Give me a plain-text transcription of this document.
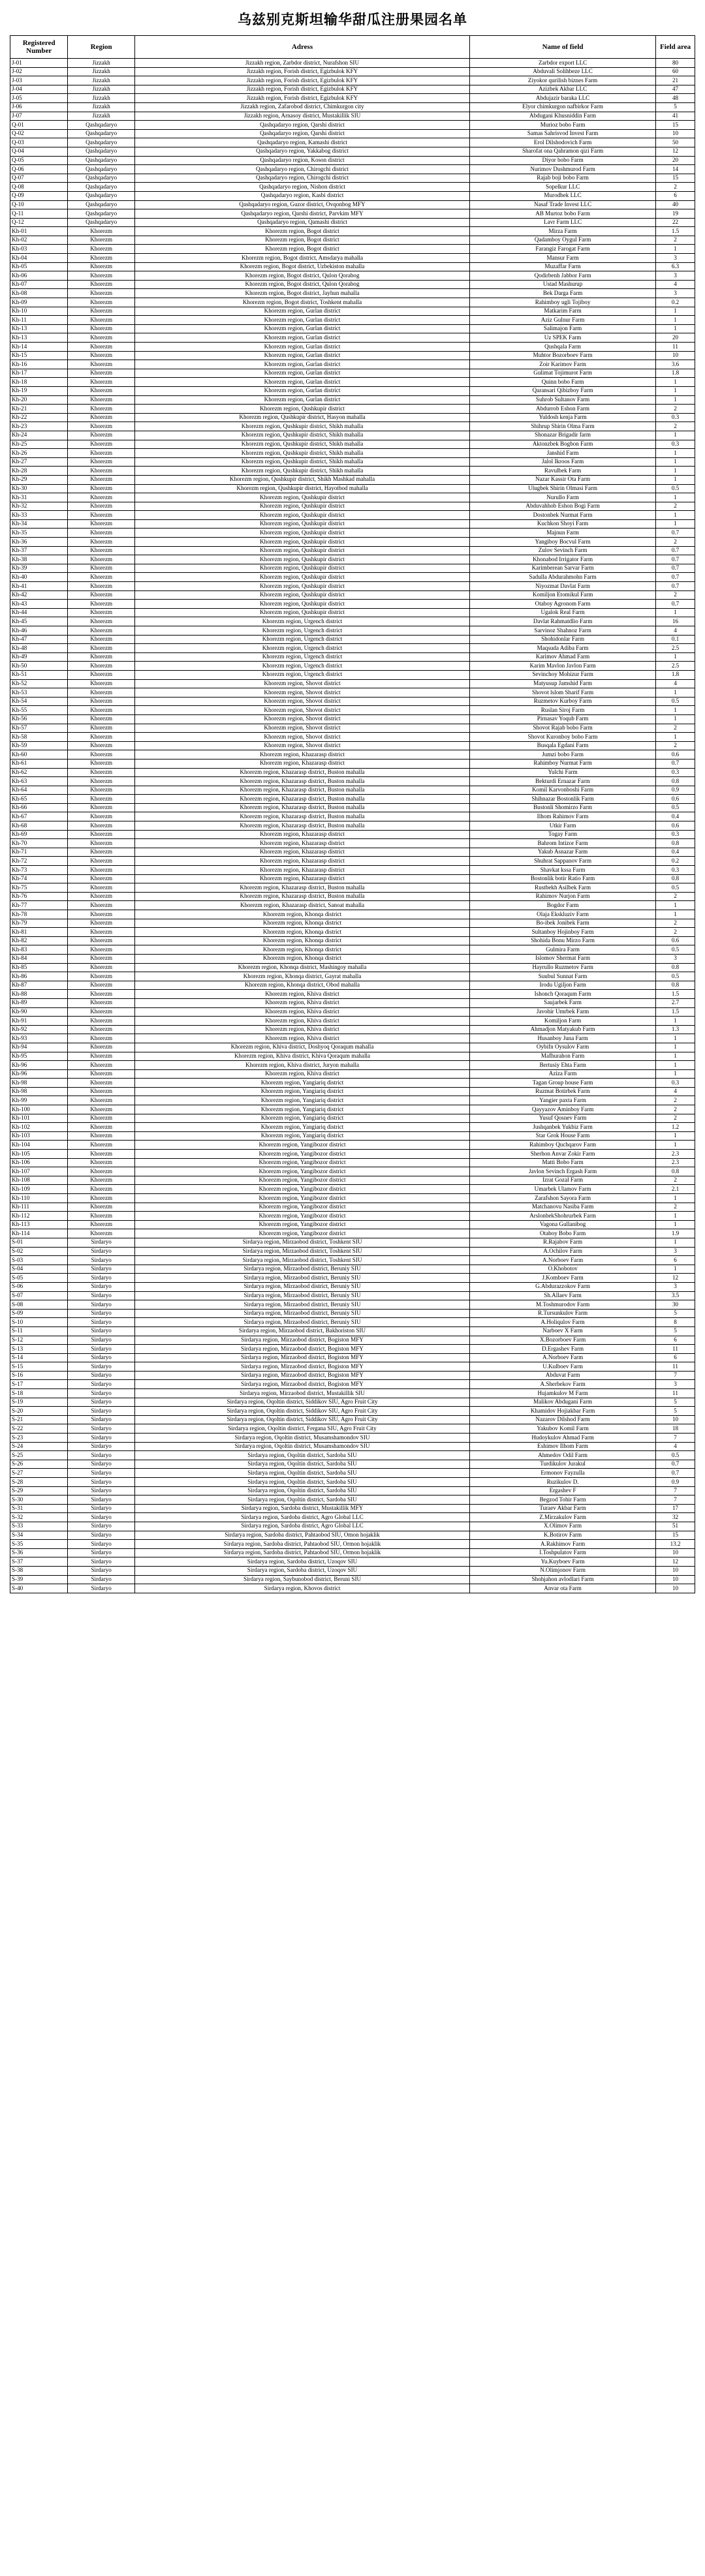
乌兹别克斯坦输华甜瓜注册果园名单
Registered Number	Region	Adress	Name of field	Field area
J-01	Jizzakh	Jizzakh region, Zarbdor district, Nurafshon SIU	Zarbdor export LLC	80
J-02	Jizzakh	Jizzakh region, Forish district, Egizbulok KFY	Abduvali Solihbeze LLC	60
J-03	Jizzakh	Jizzakh region, Forish district, Egizbulok KFY	Ziyokor qurilish biznes Farm	21
J-04	Jizzakh	Jizzakh region, Forish district, Egizbulok KFY	Azizbek Akbar LLC	47
J-05	Jizzakh	Jizzakh region, Forish district, Egizbulok KFY	Abdujazir barakа LLC	48
J-06	Jizzakh	Jizzakh region, Zafarobod district, Chimkurgon city	Elyor chimkurgon nafbirkor Farm	5
J-07	Jizzakh	Jizzakh region, Arnasoy district, Mustakillik SIU	Abdugani Khusniddin Farm	41
Q-01	Qashqadaryo	Qashqadaryo region, Qarshi district	Murioz bobo Farm	15
Q-02	Qashqadaryo	Qashqadaryo region, Qarshi district	Samas Sahrisvod Invest Farm	10
Q-03	Qashqadaryo	Qashqadaryo region, Kamashi district	Erol Dilshodovich Farm	50
Q-04	Qashqadaryo	Qashqadaryo region, Yakkabog district	Sharofat ona Qahramon qizi Farm	12
Q-05	Qashqadaryo	Qashqadaryo region, Koson district	Diyor bobo Farm	20
Q-06	Qashqadaryo	Qashqadaryo region, Chirogchi district	Nurimov Dushmurod Farm	14
Q-07	Qashqadaryo	Qashqadaryo region, Chirogchi district	Rajab boji bobo Farm	15
Q-08	Qashqadaryo	Qashqadaryo region, Nishon district	Sopelkur LLC	2
Q-09	Qashqadaryo	Qashqadaryo region, Kasbi district	Murodbek LLC	6
Q-10	Qashqadaryo	Qashqadaryo region, Guzor district, Ovqonbog MFY	Nasaf Trade Invest LLC	40
Q-11	Qashqadaryo	Qashqadaryo region, Qarshi district, Parvkim MFY	AB Murtoz bobo Farm	19
Q-12	Qashqadaryo	Qashqadaryo region, Qamashi district	Lavr Farm LLC	22
Kh-01	Khorezm	Khorezm region, Bogot district	Mirza Farm	1.5
Kh-02	Khorezm	Khorezm region, Bogot district	Qadamboy Oygul Farm	2
Kh-03	Khorezm	Khorezm region, Bogot district	Farangiz Farogat Farm	1
Kh-04	Khorezm	Khorezm region, Bogot district, Amsdarya mahalla	Mansur Farm	3
Kh-05	Khorezm	Khorezm region, Bogot district, Uzbekiston mahalla	Muzaffar Farm	6.3
Kh-06	Khorezm	Khorezm region, Bogot district, Qulon Qorabog	Qodirbenh Jabbor Farm	3
Kh-07	Khorezm	Khorezm region, Bogot district, Qulon Qorabog	Ustad Mashurup	4
Kh-08	Khorezm	Khorezm region, Bogot district, Jayhun mahalla	Bek Darga Farm	3
Kh-09	Khorezm	Khorezm region, Bogot district, Toshkent mahalla	Rahimboy ugli Tojiboy	0.2
Kh-10	Khorezm	Khorezm region, Gurlan district	Matkarim Farm	1
Kh-11	Khorezm	Khorezm region, Gurlan district	Aziz Gulnur Farm	1
Kh-13	Khorezm	Khorezm region, Gurlan district	Salimajon Farm	1
Kh-13	Khorezm	Khorezm region, Gurlan district	Uz SPEK Farm	20
Kh-14	Khorezm	Khorezm region, Gurlan district	Qushqala Farm	11
Kh-15	Khorezm	Khorezm region, Gurlan district	Muhtor Bozorboev Farm	10
Kh-16	Khorezm	Khorezm region, Gurlan district	Zoir Karimov Farm	3.6
Kh-17	Khorezm	Khorezm region, Gurlan district	Gulimat Tojimurot Farm	1.8
Kh-18	Khorezm	Khorezm region, Gurlan district	Quinn bobo Farm	1
Kh-19	Khorezm	Khorezm region, Gurlan district	Qaransari Qibizboy Farm	1
Kh-20	Khorezm	Khorezm region, Gurlan district	Suhrob Sultanov Farm	1
Kh-21	Khorezm	Khorezm region, Qushkupir district	Abdurrob Eshon Farm	2
Kh-22	Khorezm	Khorezm region, Qushkupir district, Hasyon mahalla	Yuldosh kenja Farm	0.3
Kh-23	Khorezm	Khorezm region, Qushkupir district, Shikh mahalla	Shihrup Shirin Olma Farm	2
Kh-24	Khorezm	Khorezm region, Qushkupir district, Shikh mahalla	Shonazar Brigadir farm	1
Kh-25	Khorezm	Khorezm region, Qushkupir district, Shikh mahalla	Aktonzbek Bogbon Farm	0.3
Kh-26	Khorezm	Khorezm region, Qushkupir district, Shikh mahalla	Janshid Farm	1
Kh-27	Khorezm	Khorezm region, Qushkupir district, Shikh mahalla	Jalol Ikroos Farm	1
Kh-28	Khorezm	Khorezm region, Qushkupir district, Shikh mahalla	Ravulbek Farm	1
Kh-29	Khorezm	Khorezm region, Qushkupir district, Shikh Mashkad mahalla	Nazar Kassir Ota Farm	1
Kh-30	Khorezm	Khorezm region, Qushkupir district, Hayotbod mahalla	Ulugbek Shirin Olmasi Farm	0.5
Kh-31	Khorezm	Khorezm region, Qushkupir district	Nurullo Farm	1
Kh-32	Khorezm	Khorezm region, Qushkupir district	Abduvahhob Eshon Bogi Farm	2
Kh-33	Khorezm	Khorezm region, Qushkupir district	Dostonbek Nurmat Farm	1
Kh-34	Khorezm	Khorezm region, Qushkupir district	Kuchkon Shoyi Farm	1
Kh-35	Khorezm	Khorezm region, Qushkupir district	Majnun Farm	0.7
Kh-36	Khorezm	Khorezm region, Qushkupir district	Yangiboy Bocvul Farm	2
Kh-37	Khorezm	Khorezm region, Qushkupir district	Zulov Sevinch Farm	0.7
Kh-38	Khorezm	Khorezm region, Qushkupir district	Khonabod Irrigator Farm	0.7
Kh-39	Khorezm	Khorezm region, Qushkupir district	Karimberean Sarvar Farm	0.7
Kh-40	Khorezm	Khorezm region, Qushkupir district	Sadulla Abdurahmohn Farm	0.7
Kh-41	Khorezm	Khorezm region, Qushkupir district	Niyozmat Davlat Farm	0.7
Kh-42	Khorezm	Khorezm region, Qushkupir district	Komiljon Etomikul Farm	2
Kh-43	Khorezm	Khorezm region, Qushkupir district	Otaboy Agronom Farm	0.7
Kh-44	Khorezm	Khorezm region, Qushkupir district	Ugalok Real Farm	1
Kh-45	Khorezm	Khorezm region, Urgench district	Davlat Rahmatdlio Farm	16
Kh-46	Khorezm	Khorezm region, Urgench district	Sarvinoz Shahnoz Farm	4
Kh-47	Khorezm	Khorezm region, Urgench district	Shohidonlar Farm	0.1
Kh-48	Khorezm	Khorezm region, Urgench district	Maqsuda Adiba Farm	2.5
Kh-49	Khorezm	Khorezm region, Urgench district	Karimov Ahmad Farm	1
Kh-50	Khorezm	Khorezm region, Urgench district	Karim Mavlon Javlon Farm	2.5
Kh-51	Khorezm	Khorezm region, Urgench district	Sevinchoy Mohizur Farm	1.8
Kh-52	Khorezm	Khorezm region, Shovot district	Matyusup Jamshid Farm	4
Kh-53	Khorezm	Khorezm region, Shovot district	Shovot lslom Sharif Farm	1
Kh-54	Khorezm	Khorezm region, Shovot district	Ruzmetov Kurboy Farm	0.5
Kh-55	Khorezm	Khorezm region, Shovot district	Ruslan Siroj Farm	1
Kh-56	Khorezm	Khorezm region, Shovot district	Pirnasav Yoqub Farm	1
Kh-57	Khorezm	Khorezm region, Shovot district	Shovot Rajab bobo Farm	2
Kh-58	Khorezm	Khorezm region, Shovot district	Shovot Kuronboy bobo Farm	1
Kh-59	Khorezm	Khorezm region, Shovot district	Busqala Egdani Farm	2
Kh-60	Khorezm	Khorezm region, Khazarasp district	Jumzi bobo Farm	0.6
Kh-61	Khorezm	Khorezm region, Khazarasp district	Rahimboy Nurmat Farm	0.7
Kh-62	Khorezm	Khorezm region, Khazarasp district, Buston mahalla	Yulchi Farm	0.3
Kh-63	Khorezm	Khorezm region, Khazarasp district, Buston mahalla	Bekturdi Ernazar Farm	0.8
Kh-64	Khorezm	Khorezm region, Khazarasp district, Buston mahalla	Komil Karvonboshi Farm	0.9
Kh-65	Khorezm	Khorezm region, Khazarasp district, Buston mahalla	Shihnazar Bostonlik Farm	0.6
Kh-66	Khorezm	Khorezm region, Khazarasp district, Buston mahalla	Bustonli Shomirzo Farm	0.5
Kh-67	Khorezm	Khorezm region, Khazarasp district, Buston mahalla	Ilhom Rahimov Farm	0.4
Kh-68	Khorezm	Khorezm region, Khazarasp district, Buston mahalla	Utkir Farm	0.6
Kh-69	Khorezm	Khorezm region, Khazarasp district	Togay Farm	0.3
Kh-70	Khorezm	Khorezm region, Khazarasp district	Bahrom Intizor Farm	0.8
Kh-71	Khorezm	Khorezm region, Khazarasp district	Yakub Asnazar Farm	0.4
Kh-72	Khorezm	Khorezm region, Khazarasp district	Shuhrat Sappanov Farm	0.2
Kh-73	Khorezm	Khorezm region, Khazarasp district	Shavkat kssa Farm	0.3
Kh-74	Khorezm	Khorezm region, Khazarasp district	Bostonlik botir Ratio Farm	0.8
Kh-75	Khorezm	Khorezm region, Khazarasp district, Buston mahalla	Rustbekh Asilbek Farm	0.5
Kh-76	Khorezm	Khorezm region, Khazarasp district, Buston mahalla	Rahimov Nurjon Farm	2
Kh-77	Khorezm	Khorezm region, Khazarasp district, Sanoat mahalla	Bogdor Farm	1
Kh-78	Khorezm	Khorezm region, Khonqa district	Olaja Ekskluziv Farm	1
Kh-79	Khorezm	Khorezm region, Khonqa district	Bo-ibek Jonibek Farm	2
Kh-81	Khorezm	Khorezm region, Khonqa district	Sultanboy Hojinboy Farm	2
Kh-82	Khorezm	Khorezm region, Khonqa district	Shohida Bonu Mirzo Farm	0.6
Kh-83	Khorezm	Khorezm region, Khonqa district	Gulmira Farm	0.5
Kh-84	Khorezm	Khorezm region, Khonqa district	Islomov Shermat Farm	3
Kh-85	Khorezm	Khorezm region, Khonqa district, Mashingoy mahalla	Hayrullo Ruzmetov Farm	0.8
Kh-86	Khorezm	Khorezm region, Khonqa district, Gayrat mahalla	Suubul Sunnat Farm	0.5
Kh-87	Khorezm	Khorezm region, Khonqa district, Obod mahalla	Irodu Ugiljon Farm	0.8
Kh-88	Khorezm	Khorezm region, Khiva district	Ishonch Qoraqum Farm	1.5
Kh-89	Khorezm	Khorezm region, Khiva district	Saujarbek Farm	2.7
Kh-90	Khorezm	Khorezm region, Khiva district	Javohir Umrbek Farm	1.5
Kh-91	Khorezm	Khorezm region, Khiva district	Komiljon Farm	1
Kh-92	Khorezm	Khorezm region, Khiva district	Ahmadjon Matyakub Farm	1.3
Kh-93	Khorezm	Khorezm region, Khiva district	Husanboy Juna Farm	1
Kh-94	Khorezm	Khorezm region, Khiva district, Doshyoq Qoraqum mahalla	Oybifn Oysulov Farm	1
Kh-95	Khorezm	Khorezm region, Khiva district, Khiva Qoraqum mahalla	Mafhurahon Farm	1
Kh-96	Khorezm	Khorezm region, Khiva district, Juryon mahalla	Bertusiy Ehta Farm	1
Kh-96	Khorezm	Khorezm region, Khiva district	Aziza Farm	1
Kh-98	Khorezm	Khorezm region, Yangiariq district	Tagan Group house Farm	0.3
Kh-98	Khorezm	Khorezm region, Yangiariq district	Ruzmat Botirbek Farm	4
Kh-99	Khorezm	Khorezm region, Yangiariq district	Yangier paxta Farm	2
Kh-100	Khorezm	Khorezm region, Yangiariq district	Qayyazov Aminboy Farm	2
Kh-101	Khorezm	Khorezm region, Yangiariq district	Yusuf Qosnev Farm	2
Kh-102	Khorezm	Khorezm region, Yangiariq district	Jushqanbek Yukbiz Farm	1.2
Kh-103	Khorezm	Khorezm region, Yangiariq district	Star Grok House Farm	1
Kh-104	Khorezm	Khorezm region, Yangibozor district	Rahimboy Quchqarov Farm	1
Kh-105	Khorezm	Khorezm region, Yangibozor district	Sherhon Anvar Zokir Farm	2.3
Kh-106	Khorezm	Khorezm region, Yangibozor district	Matti Bobo Farm	2.3
Kh-107	Khorezm	Khorezm region, Yangibozor district	Javlon Sevinch Ergash Farm	0.8
Kh-108	Khorezm	Khorezm region, Yangibozor district	Izrat Gozal Farm	2
Kh-109	Khorezm	Khorezm region, Yangibozor district	Umarbek Ulamov Farm	2.1
Kh-110	Khorezm	Khorezm region, Yangibozor district	Zarafshon Sayora Farm	1
Kh-111	Khorezm	Khorezm region, Yangibozor district	Matchanovu Nasiba Farm	2
Kh-112	Khorezm	Khorezm region, Yangibozor district	ArslonbekShohrurbek Farm	1
Kh-113	Khorezm	Khorezm region, Yangibozor district	Vagona Gullanibog	1
Kh-114	Khorezm	Khorezm region, Yangibozor district	Otaboy Bobo Farm	1.9
S-01	Sirdaryo	Sirdarya region, Mirzaobod district, Toshkent SIU	R.Rajabov Farm	1
S-02	Sirdaryo	Sirdarya region, Mirzaobod district, Toshkent SIU	A.Ochilov Farm	3
S-03	Sirdaryo	Sirdarya region, Mirzaobod district, Toshkent SIU	A.Norboev Farm	6
S-04	Sirdaryo	Sirdarya region, Mirzaobod district, Beruniy SIU	O.Khobotov	1
S-05	Sirdaryo	Sirdarya region, Mirzaobod district, Beruniy SIU	J.Kombоev Farm	12
S-06	Sirdaryo	Sirdarya region, Mirzaobod district, Beruniy SIU	G.Abdurazzokov Farm	3
S-07	Sirdaryo	Sirdarya region, Mirzaobod district, Beruniy SIU	Sh.Allaev Farm	3.5
S-08	Sirdaryo	Sirdarya region, Mirzaobod district, Beruniy SIU	M.Toshmurodov Farm	30
S-09	Sirdaryo	Sirdarya region, Mirzaobod district, Beruniy SIU	R.Tursunkulov Farm	5
S-10	Sirdaryo	Sirdarya region, Mirzaobod district, Beruniy SIU	A.Holiqulov Farm	8
S-11	Sirdaryo	Sirdarya region, Mirzaobod district, Bakhoriston SIU	Narboev X Farm	5
S-12	Sirdaryo	Sirdarya region, Mirzaobod district, Bogiston MFY	X.Bozorboev Farm	6
S-13	Sirdaryo	Sirdarya region, Mirzaobod district, Bogiston MFY	D.Ergashev Farm	11
S-14	Sirdaryo	Sirdarya region, Mirzaobod district, Bogiston MFY	A.Norboev Farm	6
S-15	Sirdaryo	Sirdarya region, Mirzaobod district, Bogiston MFY	U.Kulboev Farm	11
S-16	Sirdaryo	Sirdarya region, Mirzaobod district, Bogiston MFY	Abduvat Farm	7
S-17	Sirdaryo	Sirdarya region, Mirzaobod district, Bogiston MFY	A.Sherbekov Farm	3
S-18	Sirdaryo	Sirdarya region, Mirzaobod district, Mustakillik SIU	Hujamkulov M Farm	11
S-19	Sirdaryo	Sirdarya region, Oqoltin district, Siddikov SIU, Agro Fruit City	Malikov Abdugani Farm	5
S-20	Sirdaryo	Sirdarya region, Oqoltin district, Siddikov SIU, Agro Fruit City	Khamidov Hojiakbar Farm	5
S-21	Sirdaryo	Sirdarya region, Oqoltin district, Siddikov SIU, Agro Fruit City	Nazarov Dilshod Farm	10
S-22	Sirdaryo	Sirdarya region, Oqoltin district, Fergana SIU, Agro Fruit City	Yakubov Komil Farm	18
S-23	Sirdaryo	Sirdarya region, Oqoltin district, Musamshamondov SIU	Hudoykulov Ahmad Farm	7
S-24	Sirdaryo	Sirdarya region, Oqoltin district, Musamshamondov SIU	Eshimov Ilhom Farm	4
S-25	Sirdaryo	Sirdarya region, Oqoltin district, Sardoba SIU	Ahmedov Odil Farm	0.5
S-26	Sirdaryo	Sirdarya region, Oqoltin district, Sardoba SIU	Turdikulov Jurakul	0.7
S-27	Sirdaryo	Sirdarya region, Oqoltin district, Sardoba SIU	Ermonov Fayzulla	0.7
S-28	Sirdaryo	Sirdarya region, Oqoltin district, Sardoba SIU	Ruzikulov D.	0.9
S-29	Sirdaryo	Sirdarya region, Oqoltin district, Sardoba SIU	Ergashev F	7
S-30	Sirdaryo	Sirdarya region, Oqoltin district, Sardoba SIU	Begzod Tohir Farm	7
S-31	Sirdaryo	Sirdarya region, Sardoba district, Mustakillik MFY	Turaev Akbar Farm	17
S-32	Sirdaryo	Sirdarya region, Sardoba district, Agro Global LLC	Z.Mirzakulov Farm	32
S-33	Sirdaryo	Sirdarya region, Sardoba district, Agro Global LLC	X.Olimov Farm	51
S-34	Sirdaryo	Sirdarya region, Sardoba district, Pahtaobod SIU, Omon hojaklik	K.Botirov Farm	15
S-35	Sirdaryo	Sirdarya region, Sardoba district, Pahtaobod SIU, Ormon hojaklik	A.Rakhimov Farm	13.2
S-36	Sirdaryo	Sirdarya region, Sardoba district, Pahtaobod SIU, Ormon hojaklik	I.Toshpulatov Farm	10
S-37	Sirdaryo	Sirdarya region, Sardoba district, Uzoqov SIU	Yu.Kuyboev Farm	12
S-38	Sirdaryo	Sirdarya region, Sardoba district, Uzoqov SIU	N.Olimjonov Farm	10
S-39	Sirdaryo	Sirdarya region, Saybunobod district, Beruni SIU	Shohjahon avlodlari Farm	10
S-40	Sirdaryo	Sirdarya region, Khovos district	Anvar ota Farm	10
